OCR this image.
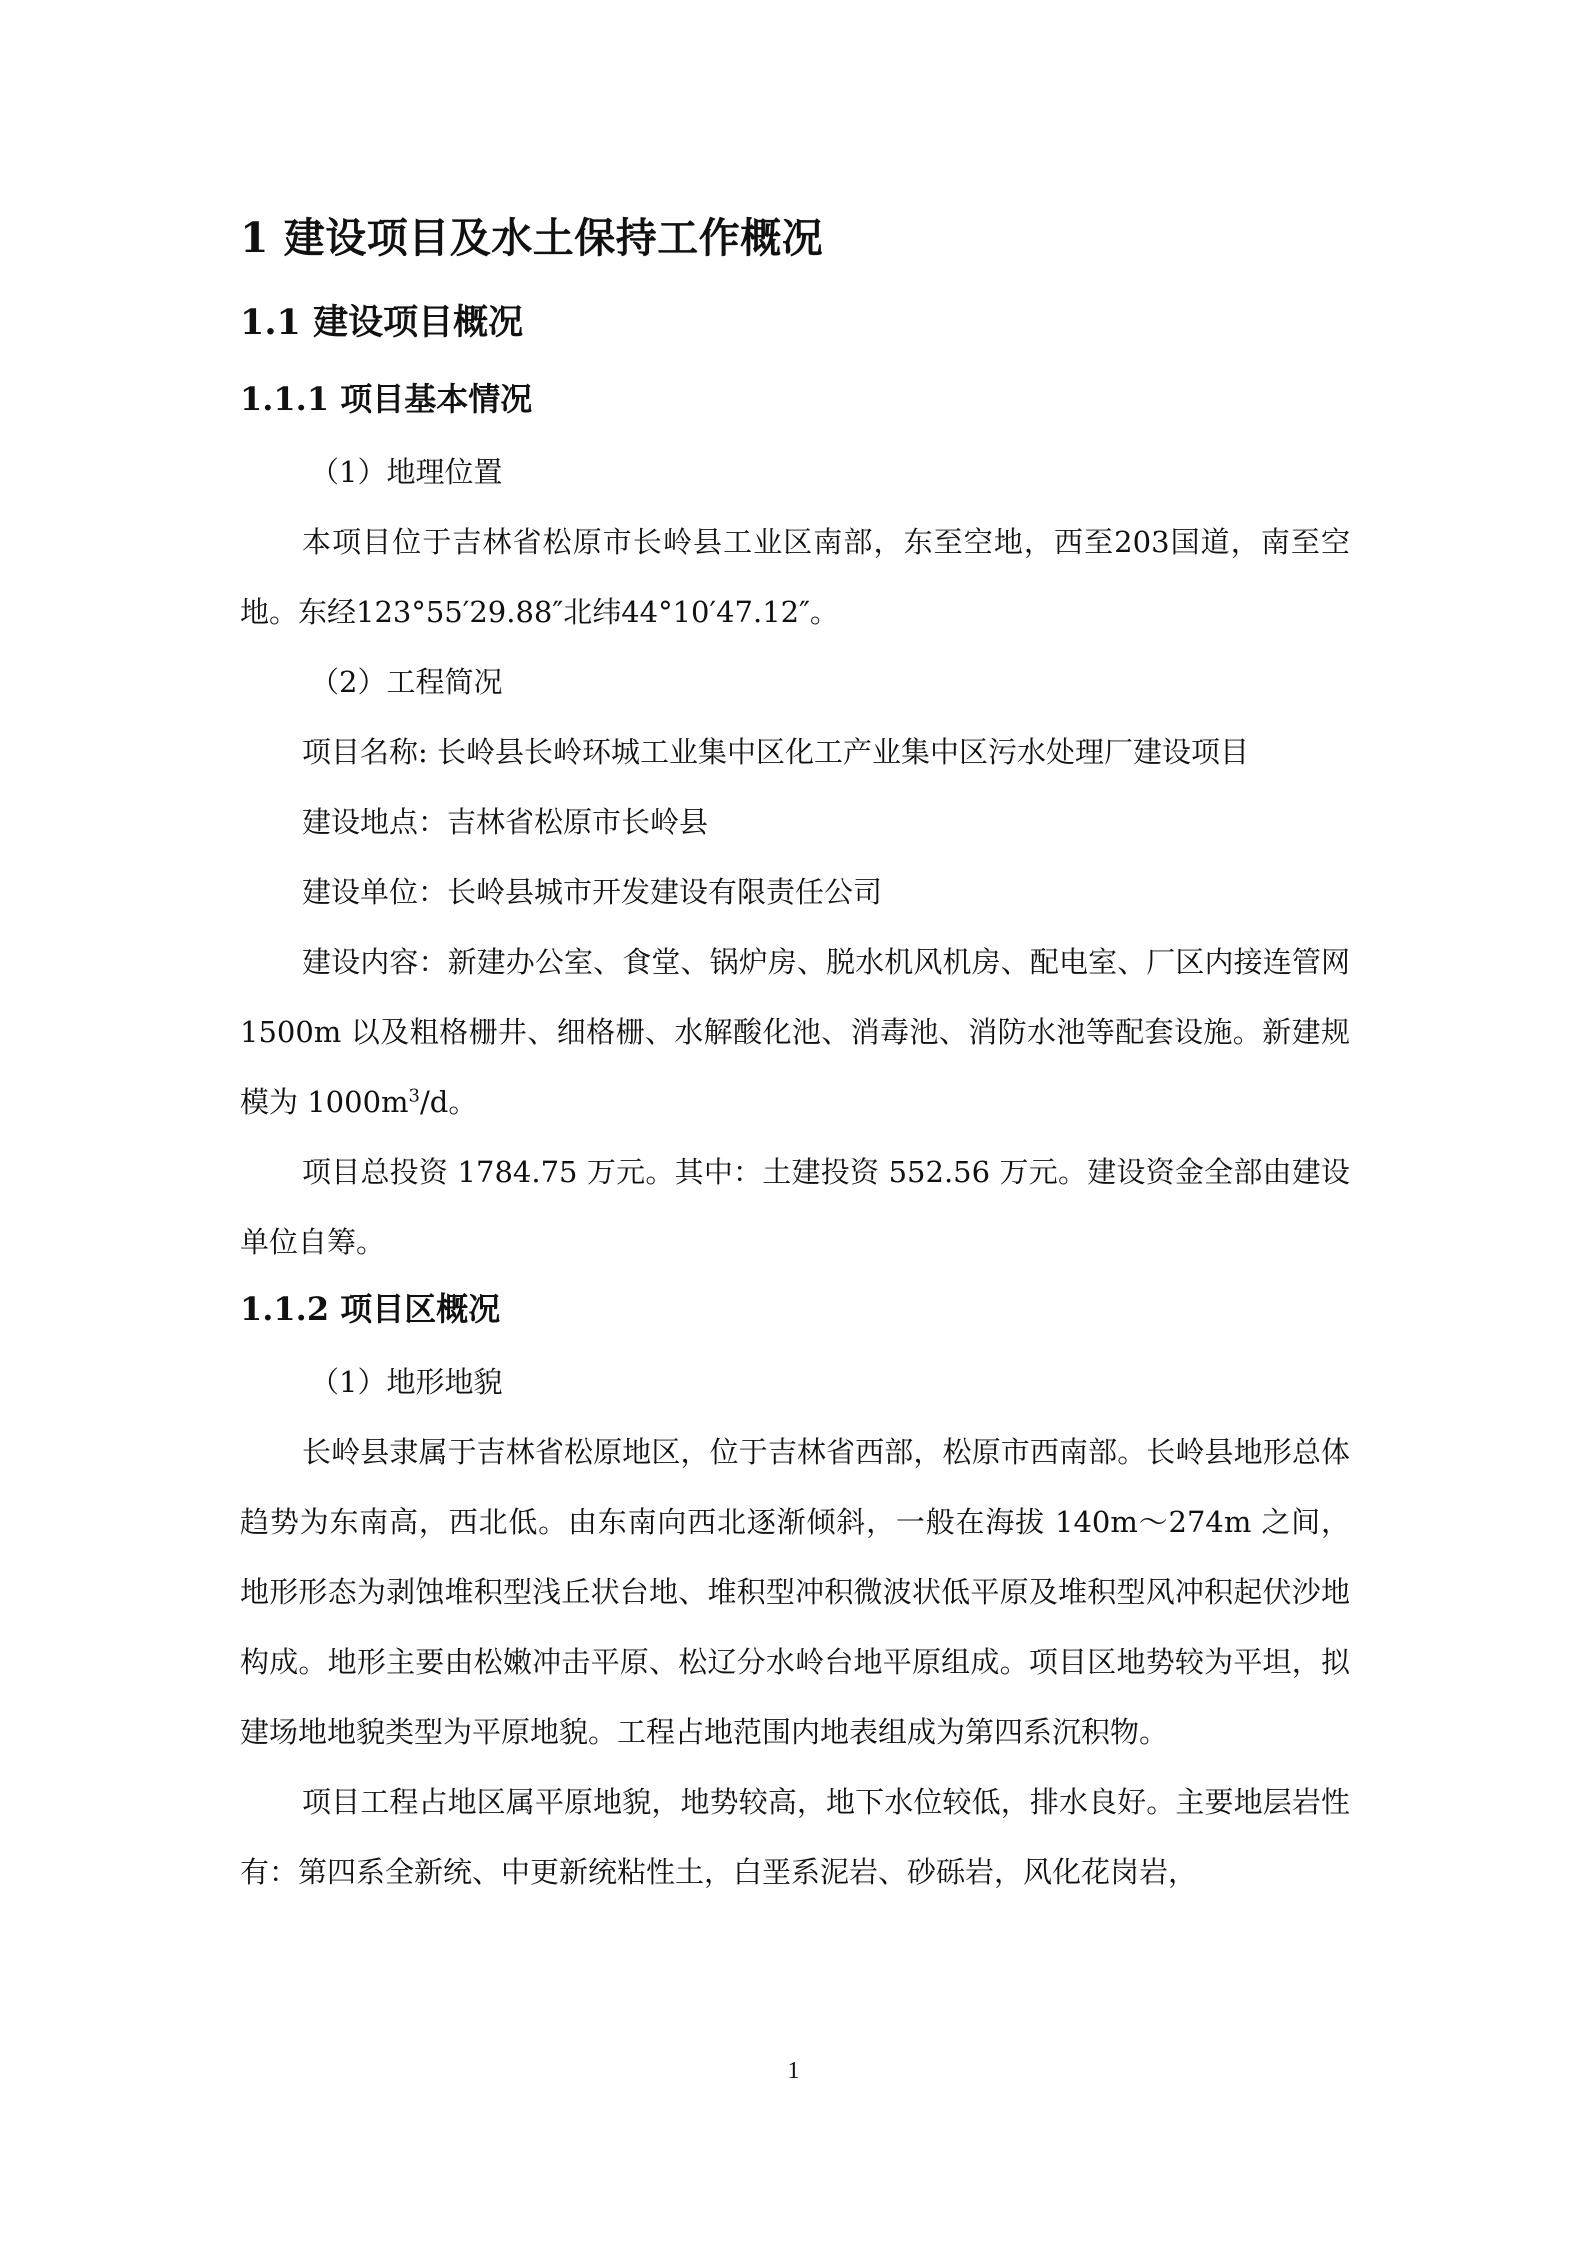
1 建设项目及水土保持工作概况
1.1 建设项目概况
1.1.1 项目基本情况

（1）地理位置

本项目位于吉林省松原市长岭县工业区南部，东至空地，西至203国道，南至空地。东经123°55′29.88″北纬44°10′47.12″。

（2）工程简况

项目名称: 长岭县长岭环城工业集中区化工产业集中区污水处理厂建设项目

建设地点：吉林省松原市长岭县

建设单位：长岭县城市开发建设有限责任公司

建设内容：新建办公室、食堂、锅炉房、脱水机风机房、配电室、厂区内接连管网 1500m 以及粗格栅井、细格栅、水解酸化池、消毒池、消防水池等配套设施。新建规模为 $1000m^3/d$。

项目总投资 1784.75 万元。其中：土建投资 552.56 万元。建设资金全部由建设单位自筹。

1.1.2 项目区概况

（1）地形地貌

长岭县隶属于吉林省松原地区，位于吉林省西部，松原市西南部。长岭县地形总体趋势为东南高，西北低。由东南向西北逐渐倾斜，一般在海拔 140m～274m 之间，地形形态为剥蚀堆积型浅丘状台地、堆积型冲积微波状低平原及堆积型风冲积起伏沙地构成。地形主要由松嫩冲击平原、松辽分水岭台地平原组成。项目区地势较为平坦，拟建场地地貌类型为平原地貌。工程占地范围内地表组成为第四系沉积物。

项目工程占地区属平原地貌，地势较高，地下水位较低，排水良好。主要地层岩性有：第四系全新统、中更新统粘性土，白垩系泥岩、砂砾岩，风化花岗岩，

1
